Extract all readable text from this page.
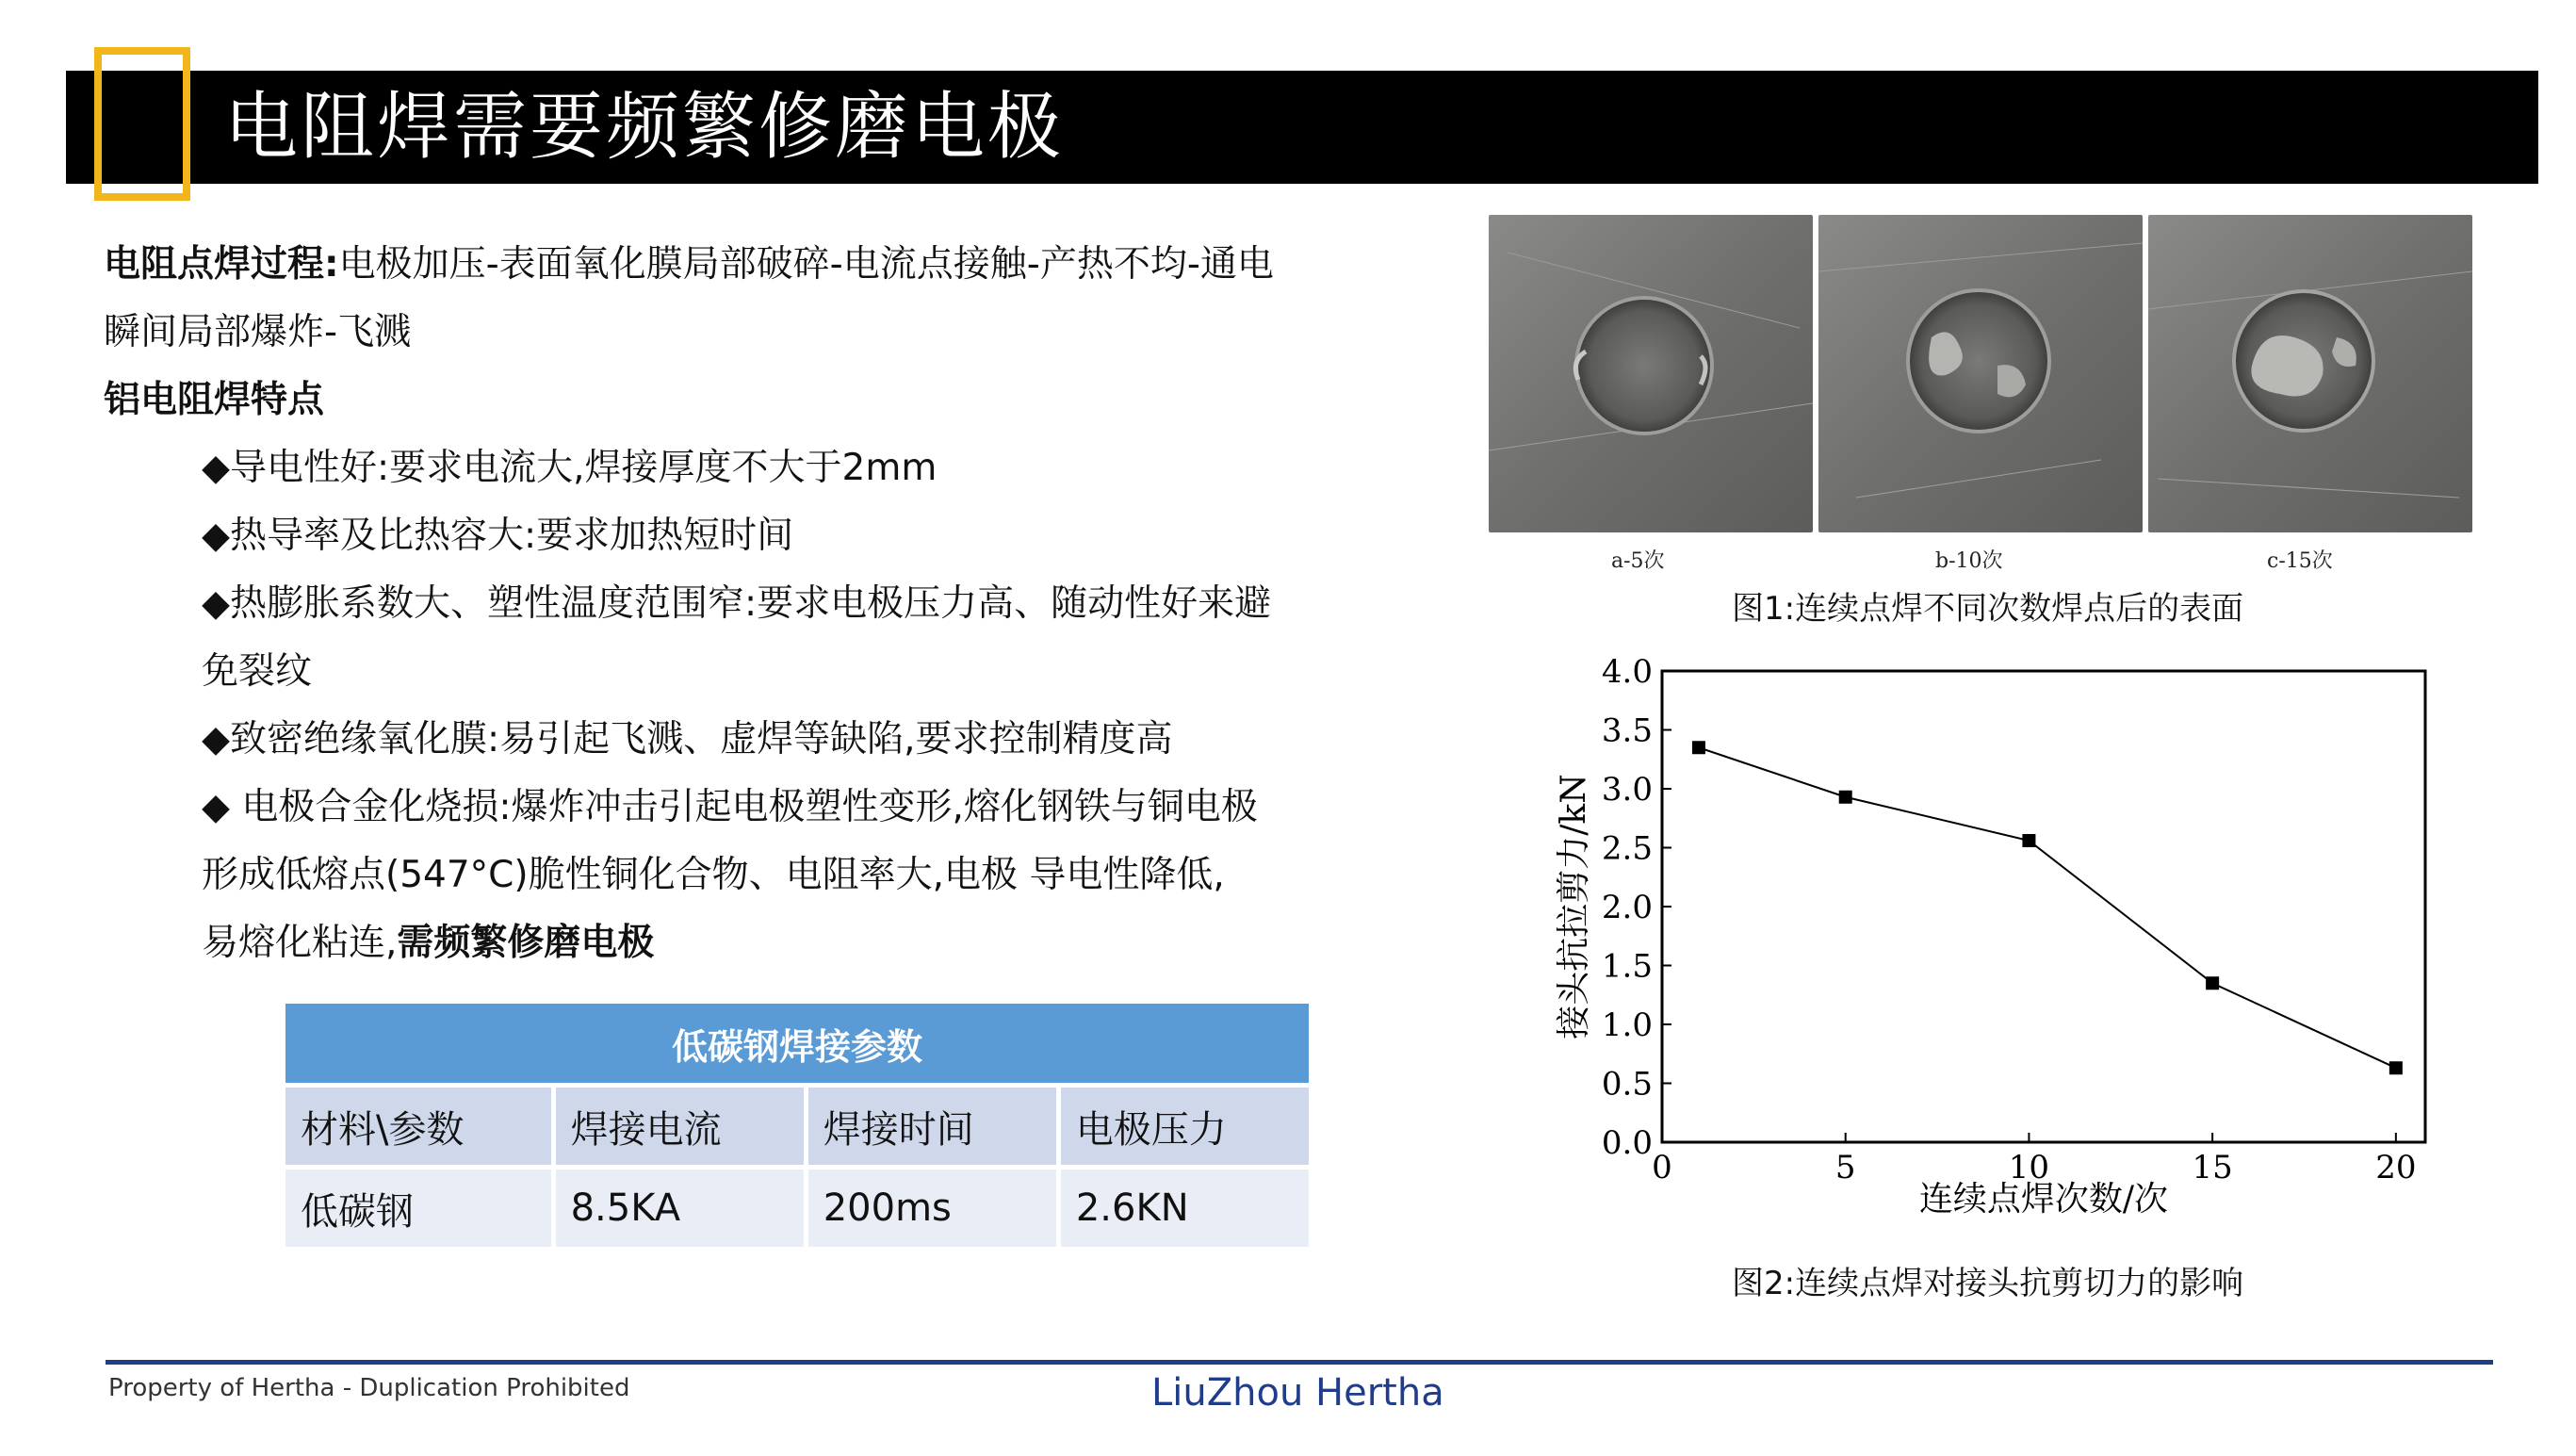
电阻焊需要频繁修磨电极
电阻点焊过程:电极加压-表面氧化膜局部破碎-电流点接触-产热不均-通电
瞬间局部爆炸-飞溅
铝电阻焊特点
◆导电性好:要求电流大,焊接厚度不大于2mm
◆热导率及比热容大:要求加热短时间
◆热膨胀系数大、塑性温度范围窄:要求电极压力高、随动性好来避
免裂纹
◆致密绝缘氧化膜:易引起飞溅、虚焊等缺陷,要求控制精度高
◆ 电极合金化烧损:爆炸冲击引起电极塑性变形,熔化钢铁与铜电极
形成低熔点(547°C)脆性铜化合物、电阻率大,电极 导电性降低,
易熔化粘连,需频繁修磨电极
低碳钢焊接参数			
材料\参数	焊接电流	焊接时间	电极压力
低碳钢	8.5KA	200ms	2.6KN
a-5次	b-10次	c-15次
图1:连续点焊不同次数焊点后的表面
0.0
0.5
1.0
1.5
2.0
2.5
3.0
3.5
4.0
0	5	10	15	20
连续点焊次数/次
接头抗拉剪力/kN
图2:连续点焊对接头抗剪切力的影响
Property of Hertha - Duplication Prohibited	LiuZhou Hertha
